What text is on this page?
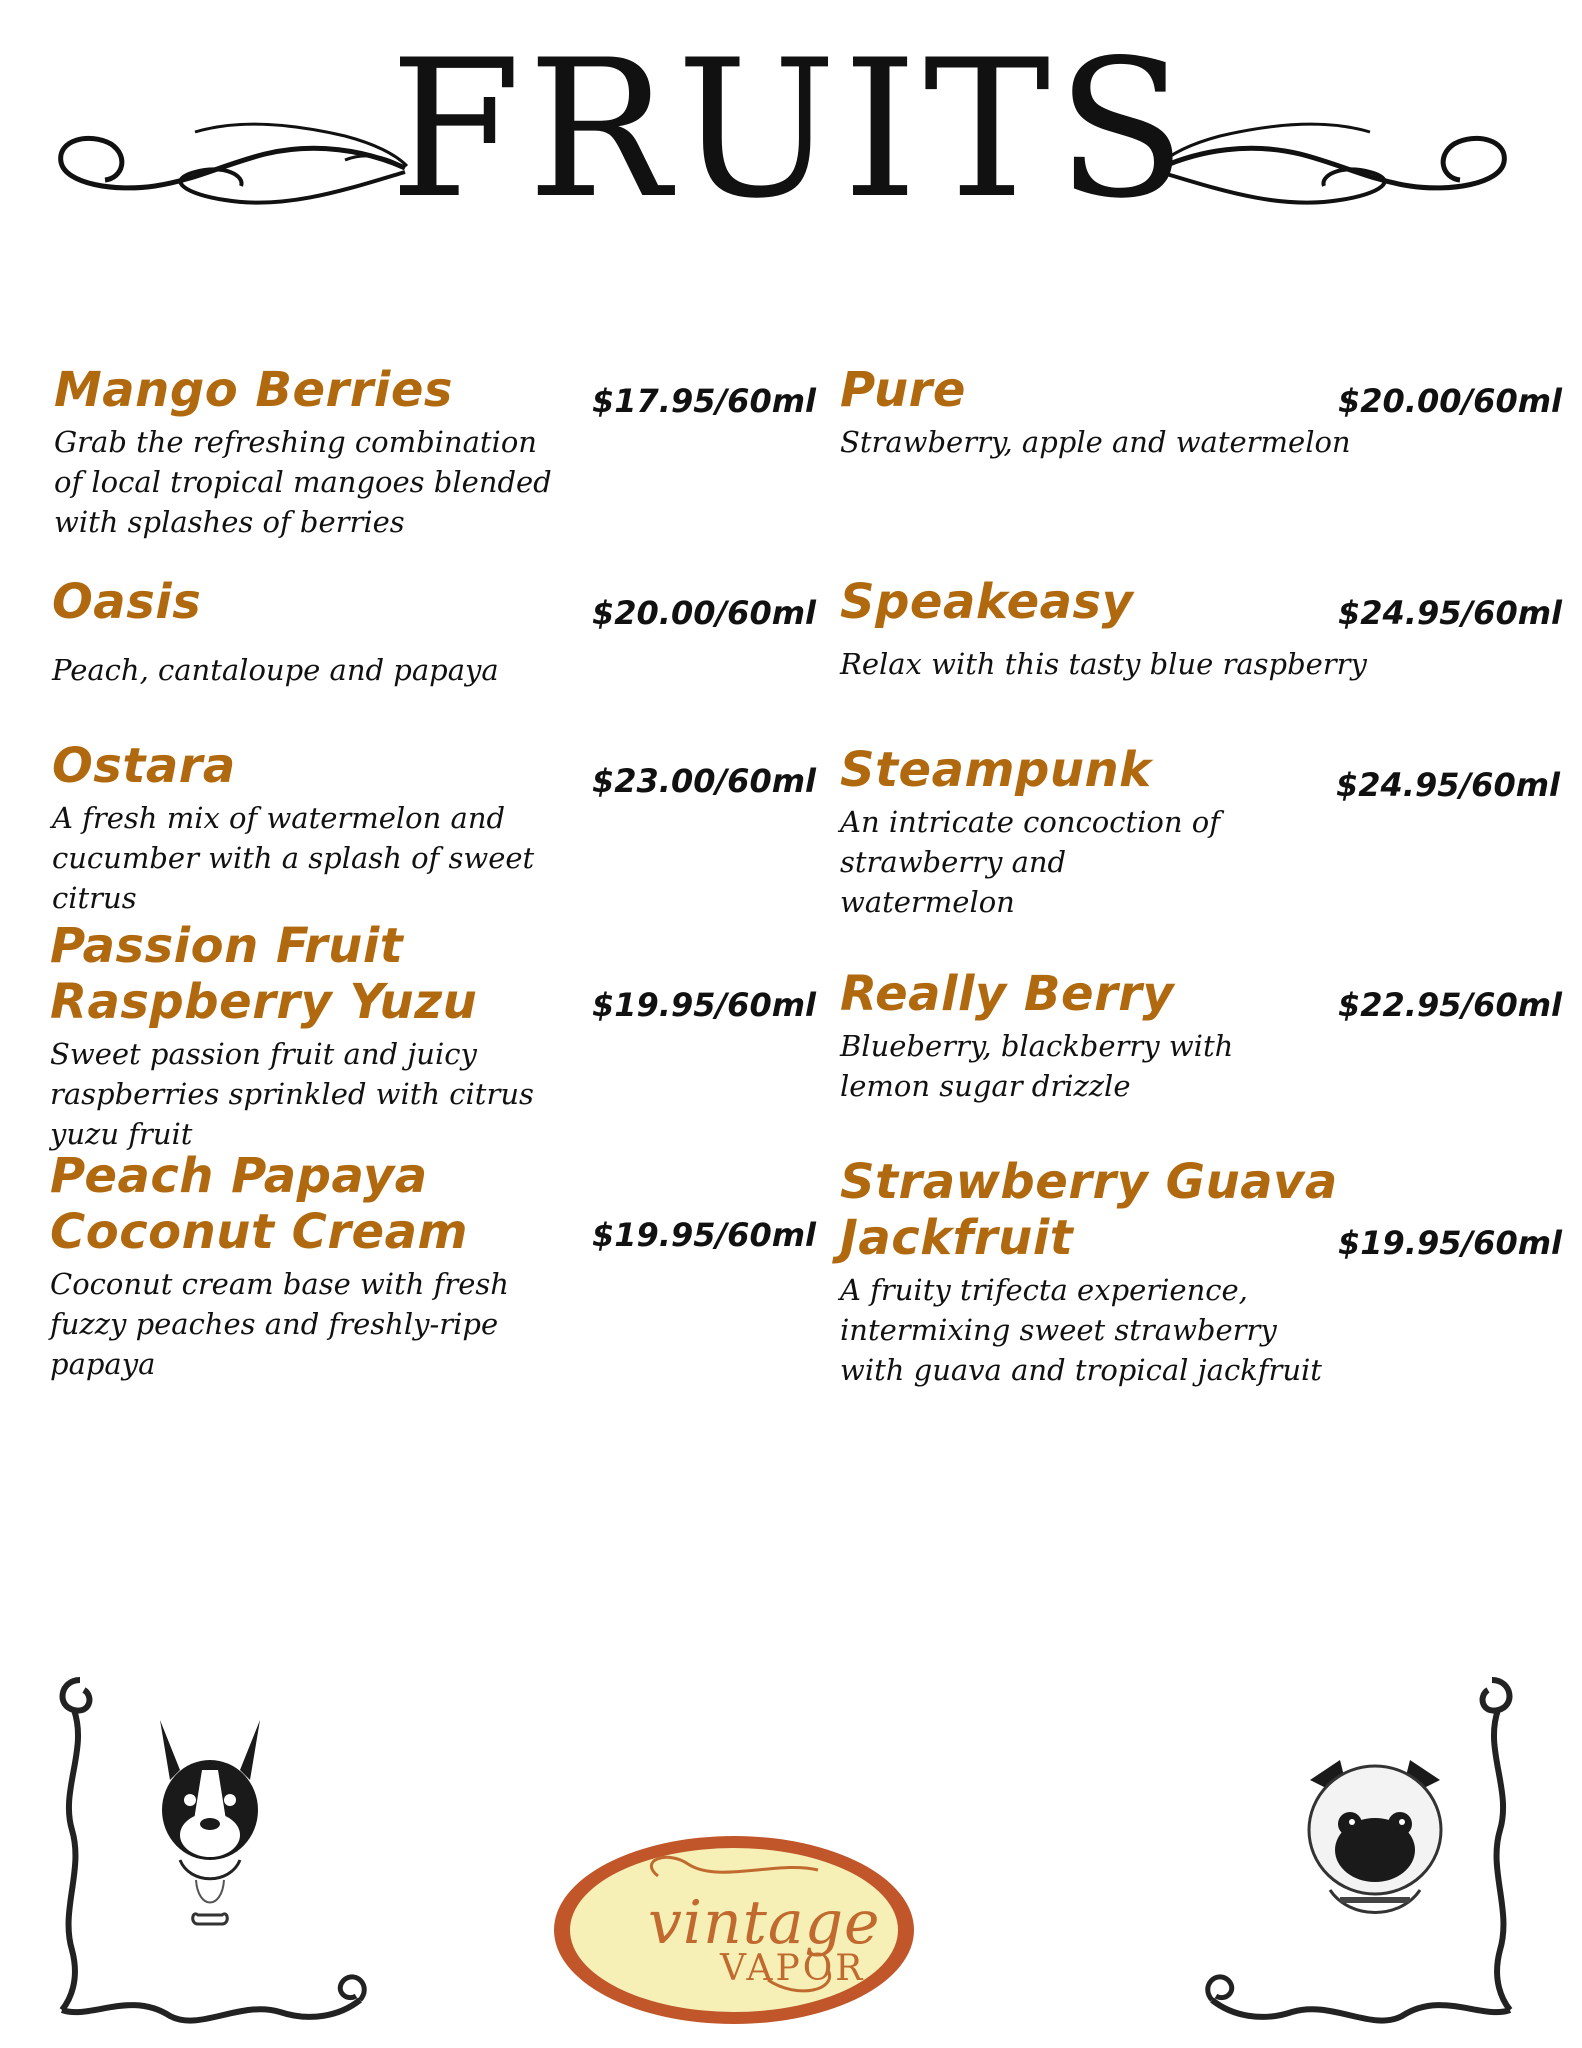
FRUITS
Mango Berries
Grab the refreshing combination of local tropical mangoes blended with splashes of berries
$17.95/60ml
Oasis
Peach, cantaloupe and papaya
$20.00/60ml
Ostara
A fresh mix of watermelon and cucumber with a splash of sweet citrus
$23.00/60ml
Passion Fruit
Raspberry Yuzu
Sweet passion fruit and juicy raspberries sprinkled with citrus yuzu fruit
$19.95/60ml
Peach Papaya
Coconut Cream
Coconut cream base with fresh fuzzy peaches and freshly-ripe papaya
$19.95/60ml
Pure
Strawberry, apple and watermelon
$20.00/60ml
Speakeasy
Relax with this tasty blue raspberry
$24.95/60ml
Steampunk
An intricate concoction of strawberry and watermelon
$24.95/60ml
Really Berry
Blueberry, blackberry with lemon sugar drizzle
$22.95/60ml
Strawberry Guava
Jackfruit
A fruity trifecta experience, intermixing sweet strawberry with guava and tropical jackfruit
$19.95/60ml
vintage
VAPOR
